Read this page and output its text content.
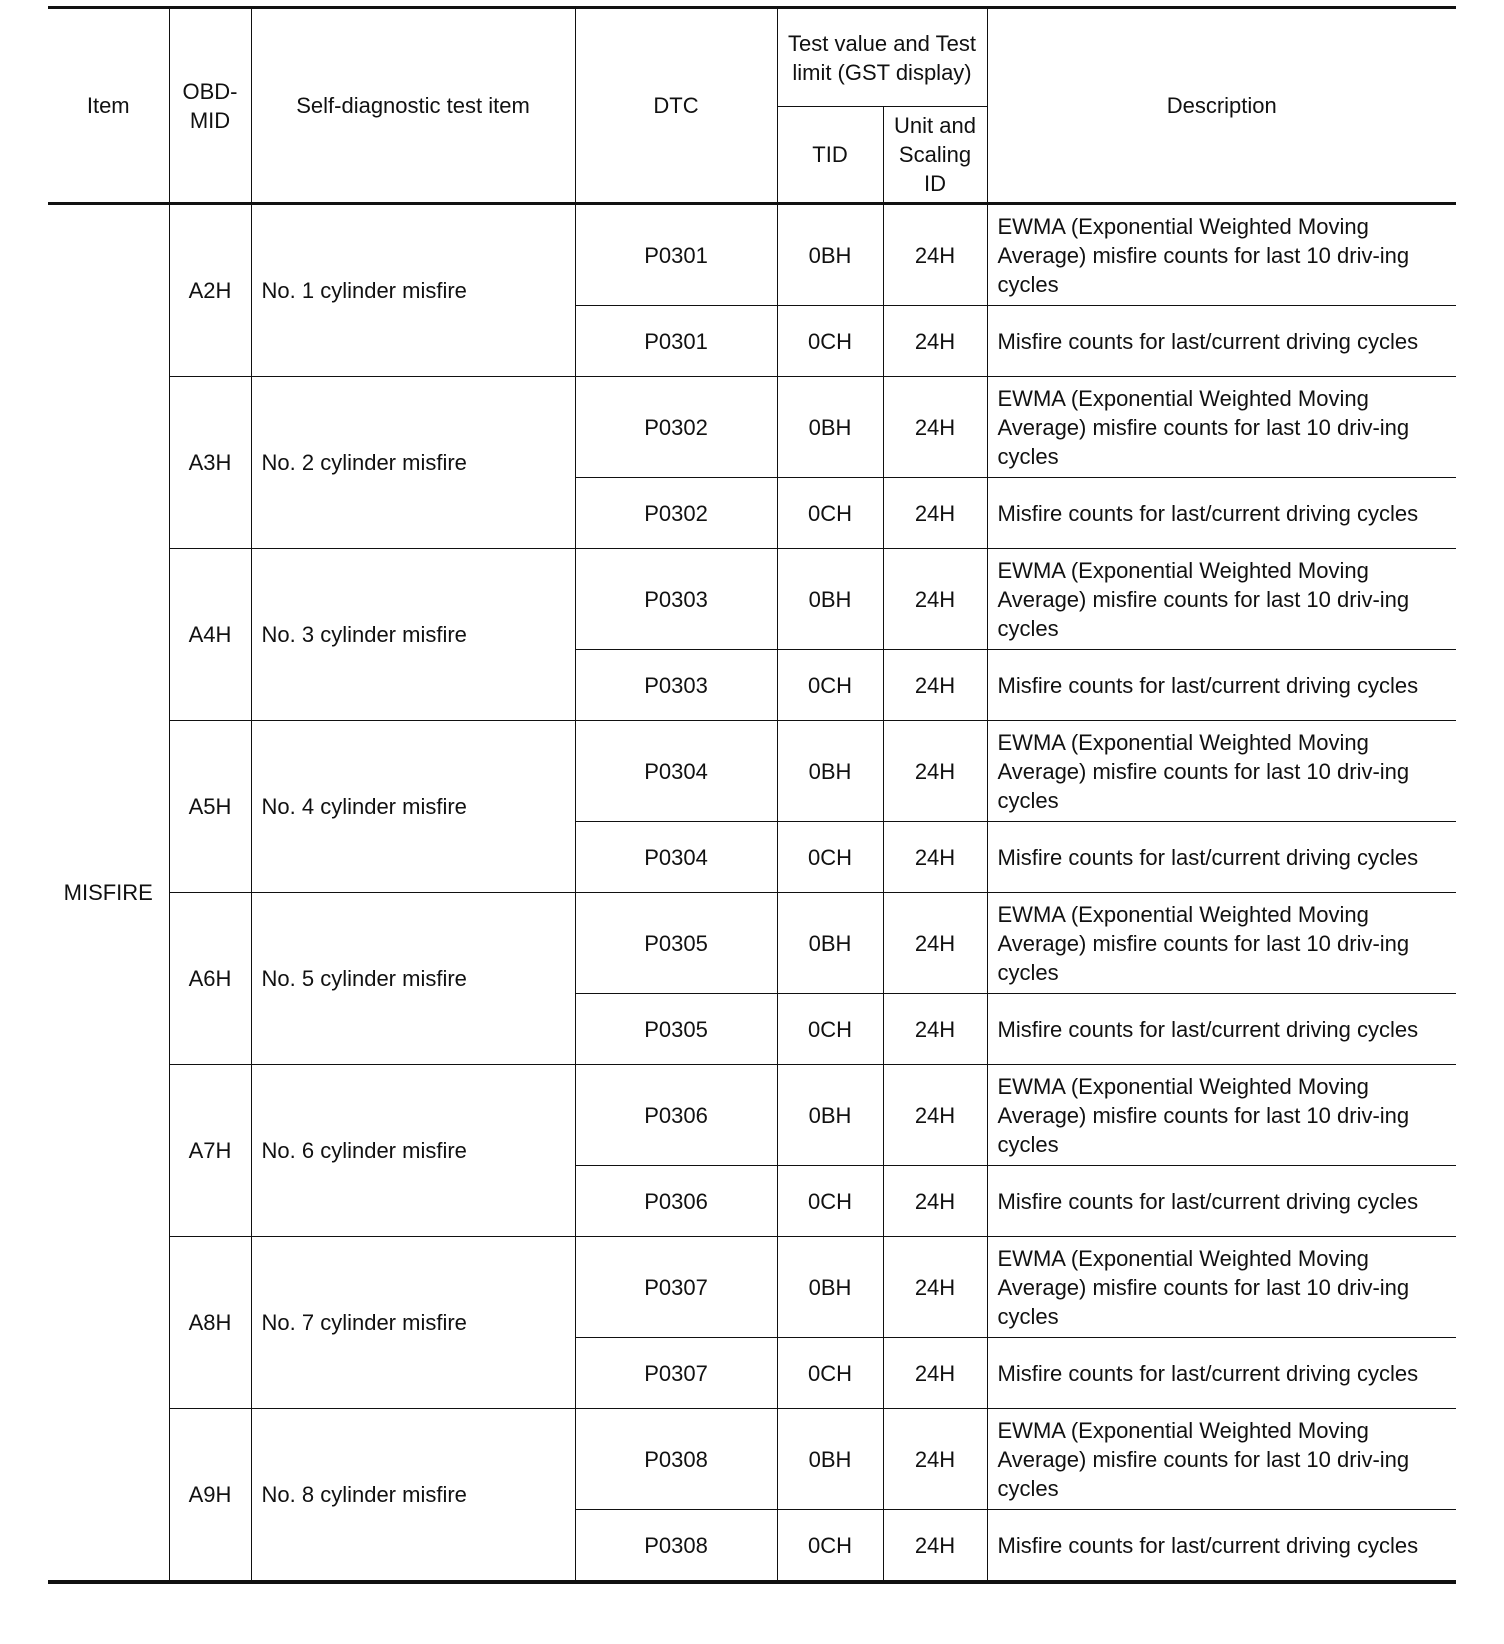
Item	OBD-MID	Self-diagnostic test item	DTC	Test value and Test limit (GST display)		Description
				TID	Unit and Scaling ID	
MISFIRE	A2H	No. 1 cylinder misfire	P0301	0BH	24H	EWMA (Exponential Weighted Moving Average) misfire counts for last 10 driv-ing cycles
			P0301	0CH	24H	Misfire counts for last/current driving cycles
	A3H	No. 2 cylinder misfire	P0302	0BH	24H	EWMA (Exponential Weighted Moving Average) misfire counts for last 10 driv-ing cycles
			P0302	0CH	24H	Misfire counts for last/current driving cycles
	A4H	No. 3 cylinder misfire	P0303	0BH	24H	EWMA (Exponential Weighted Moving Average) misfire counts for last 10 driv-ing cycles
			P0303	0CH	24H	Misfire counts for last/current driving cycles
	A5H	No. 4 cylinder misfire	P0304	0BH	24H	EWMA (Exponential Weighted Moving Average) misfire counts for last 10 driv-ing cycles
			P0304	0CH	24H	Misfire counts for last/current driving cycles
	A6H	No. 5 cylinder misfire	P0305	0BH	24H	EWMA (Exponential Weighted Moving Average) misfire counts for last 10 driv-ing cycles
			P0305	0CH	24H	Misfire counts for last/current driving cycles
	A7H	No. 6 cylinder misfire	P0306	0BH	24H	EWMA (Exponential Weighted Moving Average) misfire counts for last 10 driv-ing cycles
			P0306	0CH	24H	Misfire counts for last/current driving cycles
	A8H	No. 7 cylinder misfire	P0307	0BH	24H	EWMA (Exponential Weighted Moving Average) misfire counts for last 10 driv-ing cycles
			P0307	0CH	24H	Misfire counts for last/current driving cycles
	A9H	No. 8 cylinder misfire	P0308	0BH	24H	EWMA (Exponential Weighted Moving Average) misfire counts for last 10 driv-ing cycles
			P0308	0CH	24H	Misfire counts for last/current driving cycles
